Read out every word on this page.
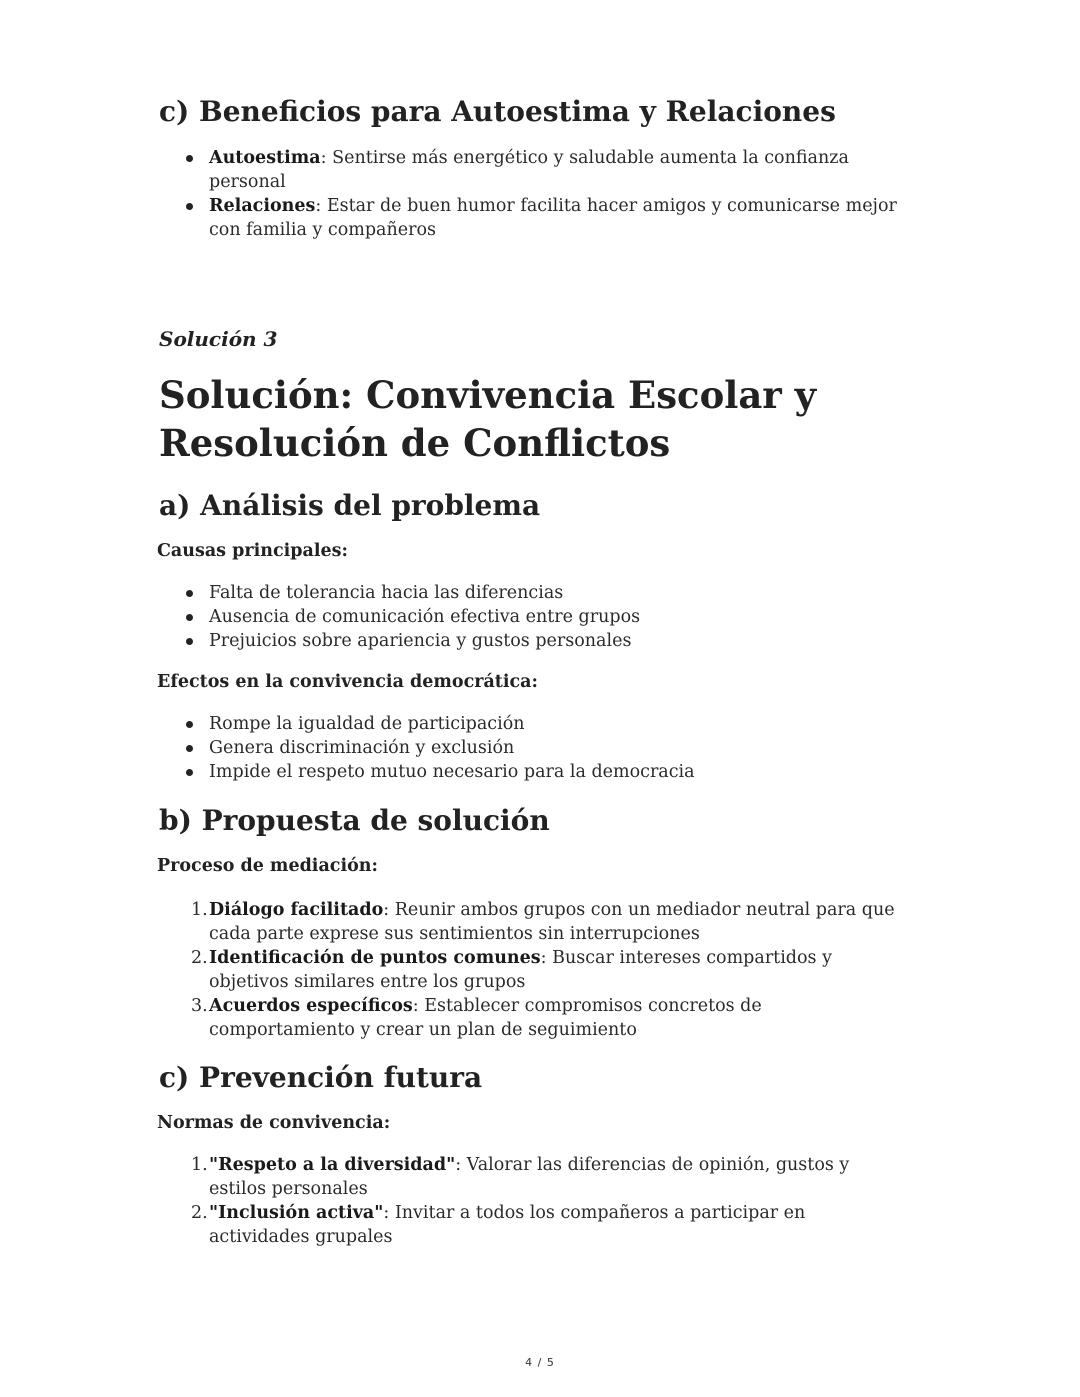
c) Beneficios para Autoestima y Relaciones
Autoestima: Sentirse más energético y saludable aumenta la confianza personal
Relaciones: Estar de buen humor facilita hacer amigos y comunicarse mejor con familia y compañeros
Solución 3
Solución: Convivencia Escolar y Resolución de Conflictos
a) Análisis del problema
Causas principales:
Falta de tolerancia hacia las diferencias
Ausencia de comunicación efectiva entre grupos
Prejuicios sobre apariencia y gustos personales
Efectos en la convivencia democrática:
Rompe la igualdad de participación
Genera discriminación y exclusión
Impide el respeto mutuo necesario para la democracia
b) Propuesta de solución
Proceso de mediación:
1. Diálogo facilitado: Reunir ambos grupos con un mediador neutral para que cada parte exprese sus sentimientos sin interrupciones
2. Identificación de puntos comunes: Buscar intereses compartidos y objetivos similares entre los grupos
3. Acuerdos específicos: Establecer compromisos concretos de comportamiento y crear un plan de seguimiento
c) Prevención futura
Normas de convivencia:
1. "Respeto a la diversidad": Valorar las diferencias de opinión, gustos y estilos personales
2. "Inclusión activa": Invitar a todos los compañeros a participar en actividades grupales
4 / 5
